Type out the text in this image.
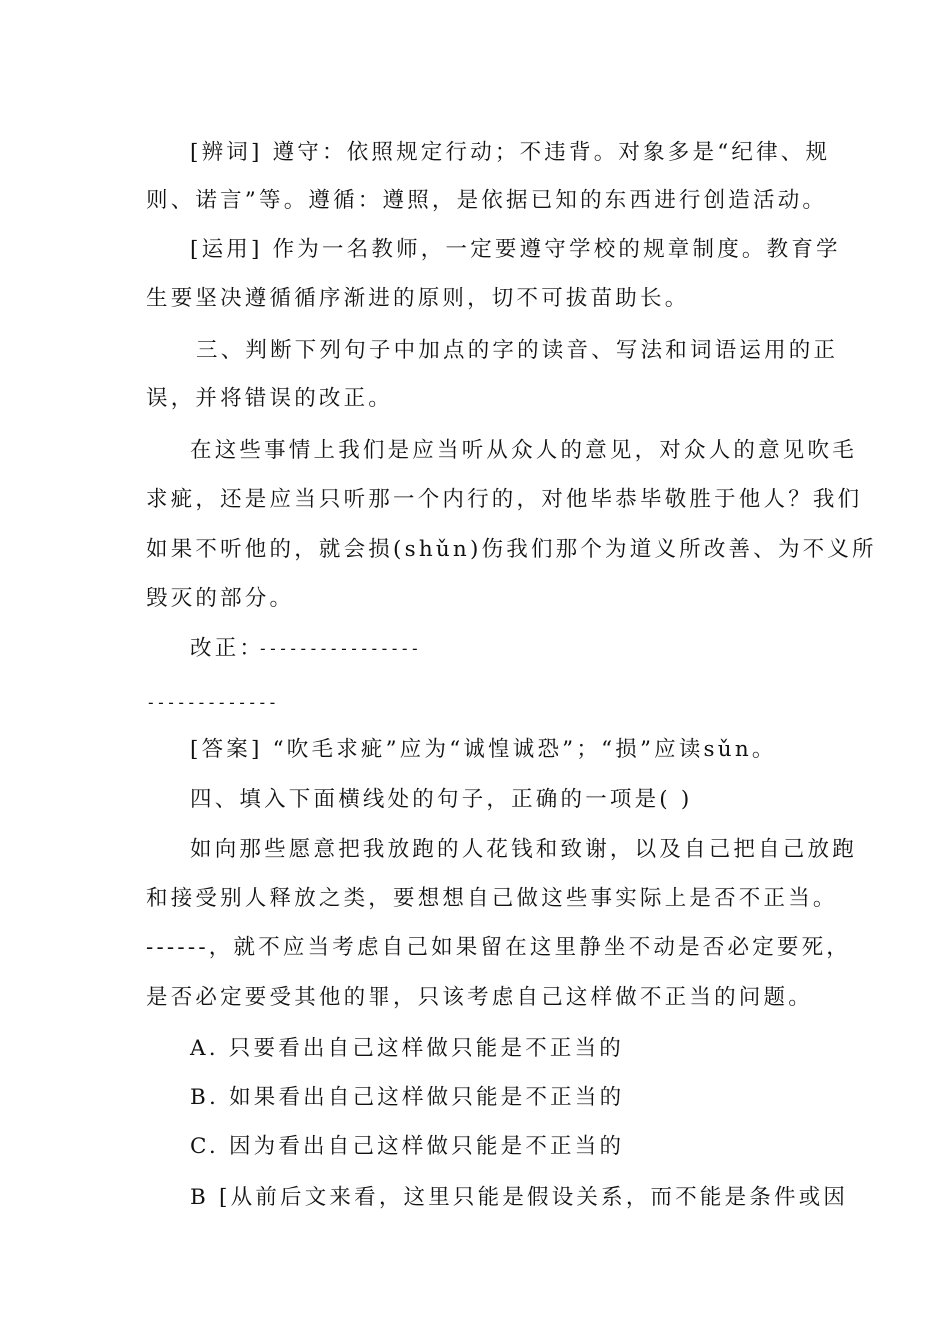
[辨词] 遵守：依照规定行动；不违背。对象多是“纪律、规
则、诺言”等。遵循：遵照，是依据已知的东西进行创造活动。
[运用] 作为一名教师，一定要遵守学校的规章制度。教育学
生要坚决遵循循序渐进的原则，切不可拔苗助长。
三、判断下列句子中加点的字的读音、写法和词语运用的正
误，并将错误的改正。
在这些事情上我们是应当听从众人的意见，对众人的意见吹毛
求疵，还是应当只听那一个内行的，对他毕恭毕敬胜于他人？我们
如果不听他的，就会损(shǔn)伤我们那个为道义所改善、为不义所
毁灭的部分。
改正：
----------------
-------------
[答案] “吹毛求疵”应为“诚惶诚恐”；“损”应读sǔn。
四、填入下面横线处的句子，正确的一项是( )
如向那些愿意把我放跑的人花钱和致谢，以及自己把自己放跑
和接受别人释放之类，要想想自己做这些事实际上是否不正当。
------，就不应当考虑自己如果留在这里静坐不动是否必定要死，
是否必定要受其他的罪，只该考虑自己这样做不正当的问题。
A. 只要看出自己这样做只能是不正当的
B. 如果看出自己这样做只能是不正当的
C. 因为看出自己这样做只能是不正当的
B [从前后文来看，这里只能是假设关系，而不能是条件或因
